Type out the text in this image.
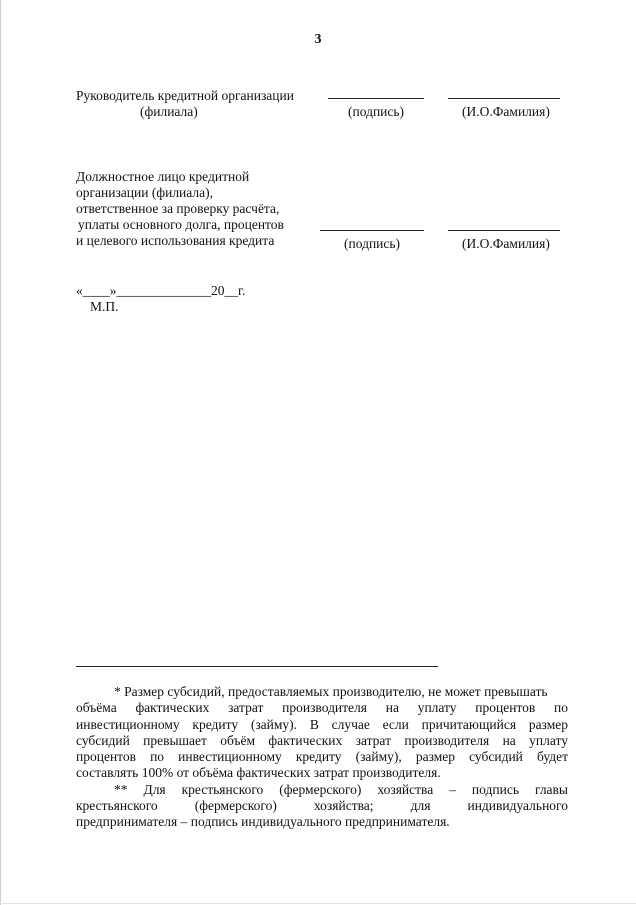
3
Руководитель кредитной организации
(филиала)	(подпись)	(И.О.Фамилия)
Должностное лицо кредитной
организации (филиала),
ответственное за проверку расчёта,
уплаты основного долга, процентов
и целевого использования кредита	(подпись)	(И.О.Фамилия)
«____»______________20__г.
М.П.
* Размер субсидий, предоставляемых производителю, не может превышать
объёма фактических затрат производителя на уплату процентов по
инвестиционному кредиту (займу). В случае если причитающийся размер
субсидий превышает объём фактических затрат производителя на уплату
процентов по инвестиционному кредиту (займу), размер субсидий будет
составлять 100% от объёма фактических затрат производителя.
** Для крестьянского (фермерского) хозяйства – подпись главы
крестьянского (фермерского) хозяйства; для индивидуального
предпринимателя – подпись индивидуального предпринимателя.
